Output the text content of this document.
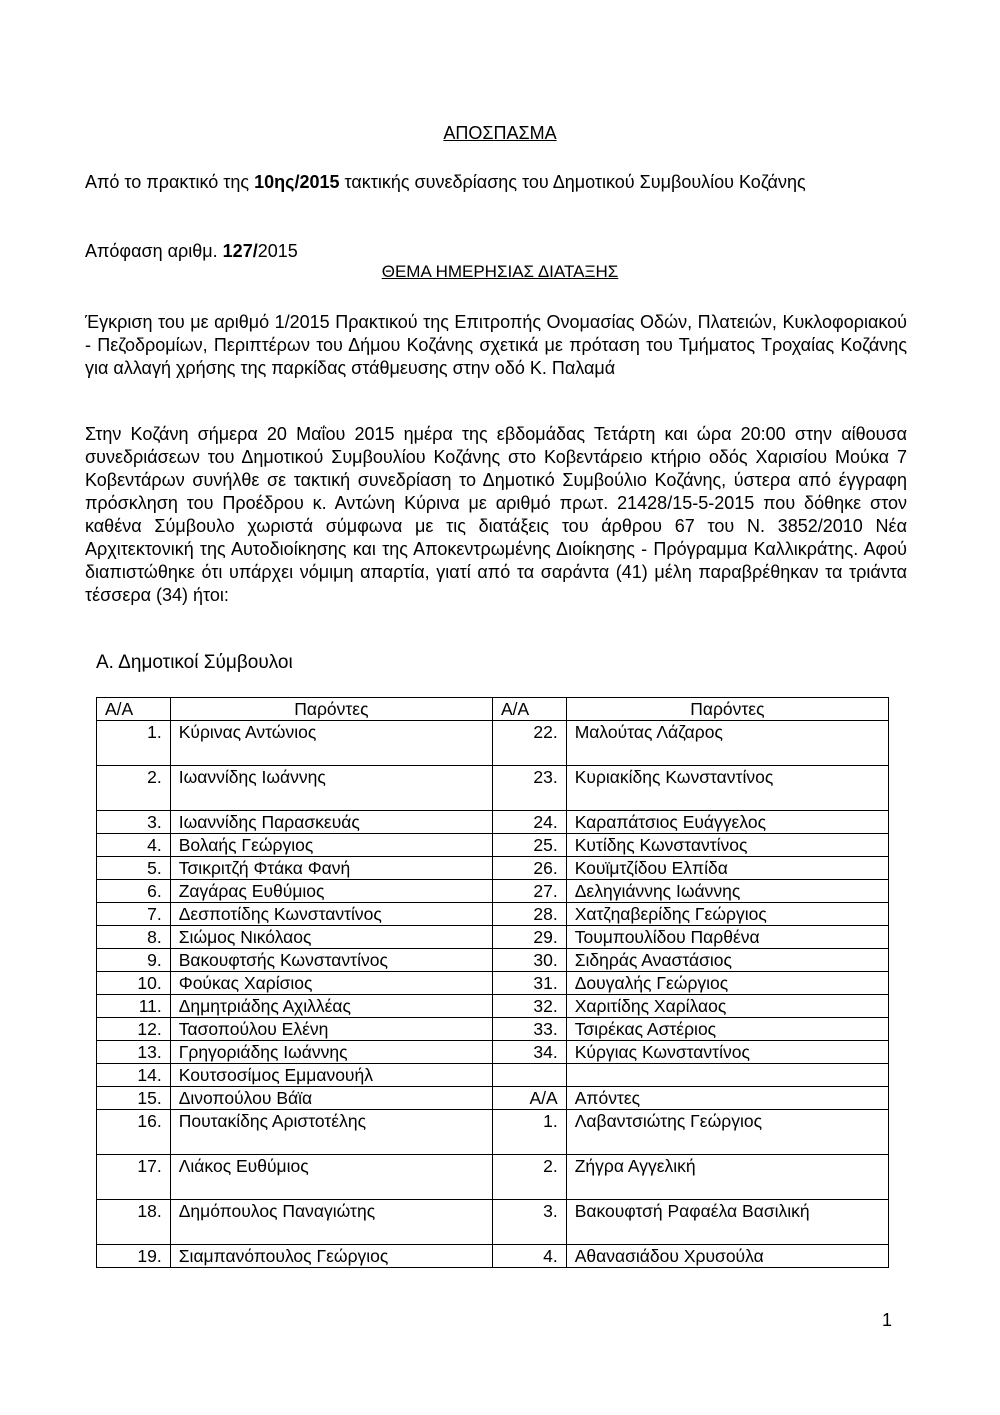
ΑΠΟΣΠΑΣΜΑ

Από το πρακτικό της 10ης/2015 τακτικής συνεδρίασης του Δημοτικού Συμβουλίου Κοζάνης

Απόφαση αριθμ. 127/2015

ΘΕΜΑ ΗΜΕΡΗΣΙΑΣ ΔΙΑΤΑΞΗΣ

Έγκριση του με αριθμό 1/2015 Πρακτικού της Επιτροπής Ονομασίας Οδών, Πλατειών, Κυκλοφοριακού - Πεζοδρομίων, Περιπτέρων του Δήμου Κοζάνης σχετικά με πρόταση του Τμήματος Τροχαίας Κοζάνης για αλλαγή χρήσης της παρκίδας στάθμευσης στην οδό Κ. Παλαμά

Στην Κοζάνη σήμερα 20 Μαΐου 2015 ημέρα της εβδομάδας Τετάρτη και ώρα 20:00 στην αίθουσα συνεδριάσεων του Δημοτικού Συμβουλίου Κοζάνης στο Κοβεντάρειο κτήριο οδός Χαρισίου Μούκα 7 Κοβεντάρων συνήλθε σε τακτική συνεδρίαση το Δημοτικό Συμβούλιο Κοζάνης, ύστερα από έγγραφη πρόσκληση του Προέδρου κ. Αντώνη Κύρινα με αριθμό πρωτ. 21428/15-5-2015 που δόθηκε στον καθένα Σύμβουλο χωριστά σύμφωνα με τις διατάξεις του άρθρου 67 του Ν. 3852/2010 Νέα Αρχιτεκτονική της Αυτοδιοίκησης και της Αποκεντρωμένης Διοίκησης - Πρόγραμμα Καλλικράτης. Αφού διαπιστώθηκε ότι υπάρχει νόμιμη απαρτία, γιατί από τα σαράντα (41) μέλη παραβρέθηκαν τα τριάντα τέσσερα (34) ήτοι:

Α. Δημοτικοί Σύμβουλοι
Α/Α	Παρόντες	Α/Α	Παρόντες
1.	Κύρινας Αντώνιος	22.	Μαλούτας Λάζαρος
2.	Ιωαννίδης Ιωάννης	23.	Κυριακίδης Κωνσταντίνος
3.	Ιωαννίδης Παρασκευάς	24.	Καραπάτσιος Ευάγγελος
4.	Βολαής Γεώργιος	25.	Κυτίδης Κωνσταντίνος
5.	Τσικριτζή Φτάκα Φανή	26.	Κουϊμτζίδου Ελπίδα
6.	Ζαγάρας Ευθύμιος	27.	Δεληγιάννης Ιωάννης
7.	Δεσποτίδης Κωνσταντίνος	28.	Χατζηαβερίδης Γεώργιος
8.	Σιώμος Νικόλαος	29.	Τουμπουλίδου Παρθένα
9.	Βακουφτσής Κωνσταντίνος	30.	Σιδηράς Αναστάσιος
10.	Φούκας Χαρίσιος	31.	Δουγαλής Γεώργιος
11.	Δημητριάδης Αχιλλέας	32.	Χαριτίδης Χαρίλαος
12.	Τασοπούλου Ελένη	33.	Τσιρέκας Αστέριος
13.	Γρηγοριάδης Ιωάννης	34.	Κύργιας Κωνσταντίνος
14.	Κουτσοσίμος Εμμανουήλ		
15.	Δινοπούλου Βάϊα	Α/Α	Απόντες
16.	Πουτακίδης Αριστοτέλης	1.	Λαβαντσιώτης Γεώργιος
17.	Λιάκος Ευθύμιος	2.	Ζήγρα Αγγελική
18.	Δημόπουλος Παναγιώτης	3.	Βακουφτσή Ραφαέλα Βασιλική
19.	Σιαμπανόπουλος Γεώργιος	4.	Αθανασιάδου Χρυσούλα
1
